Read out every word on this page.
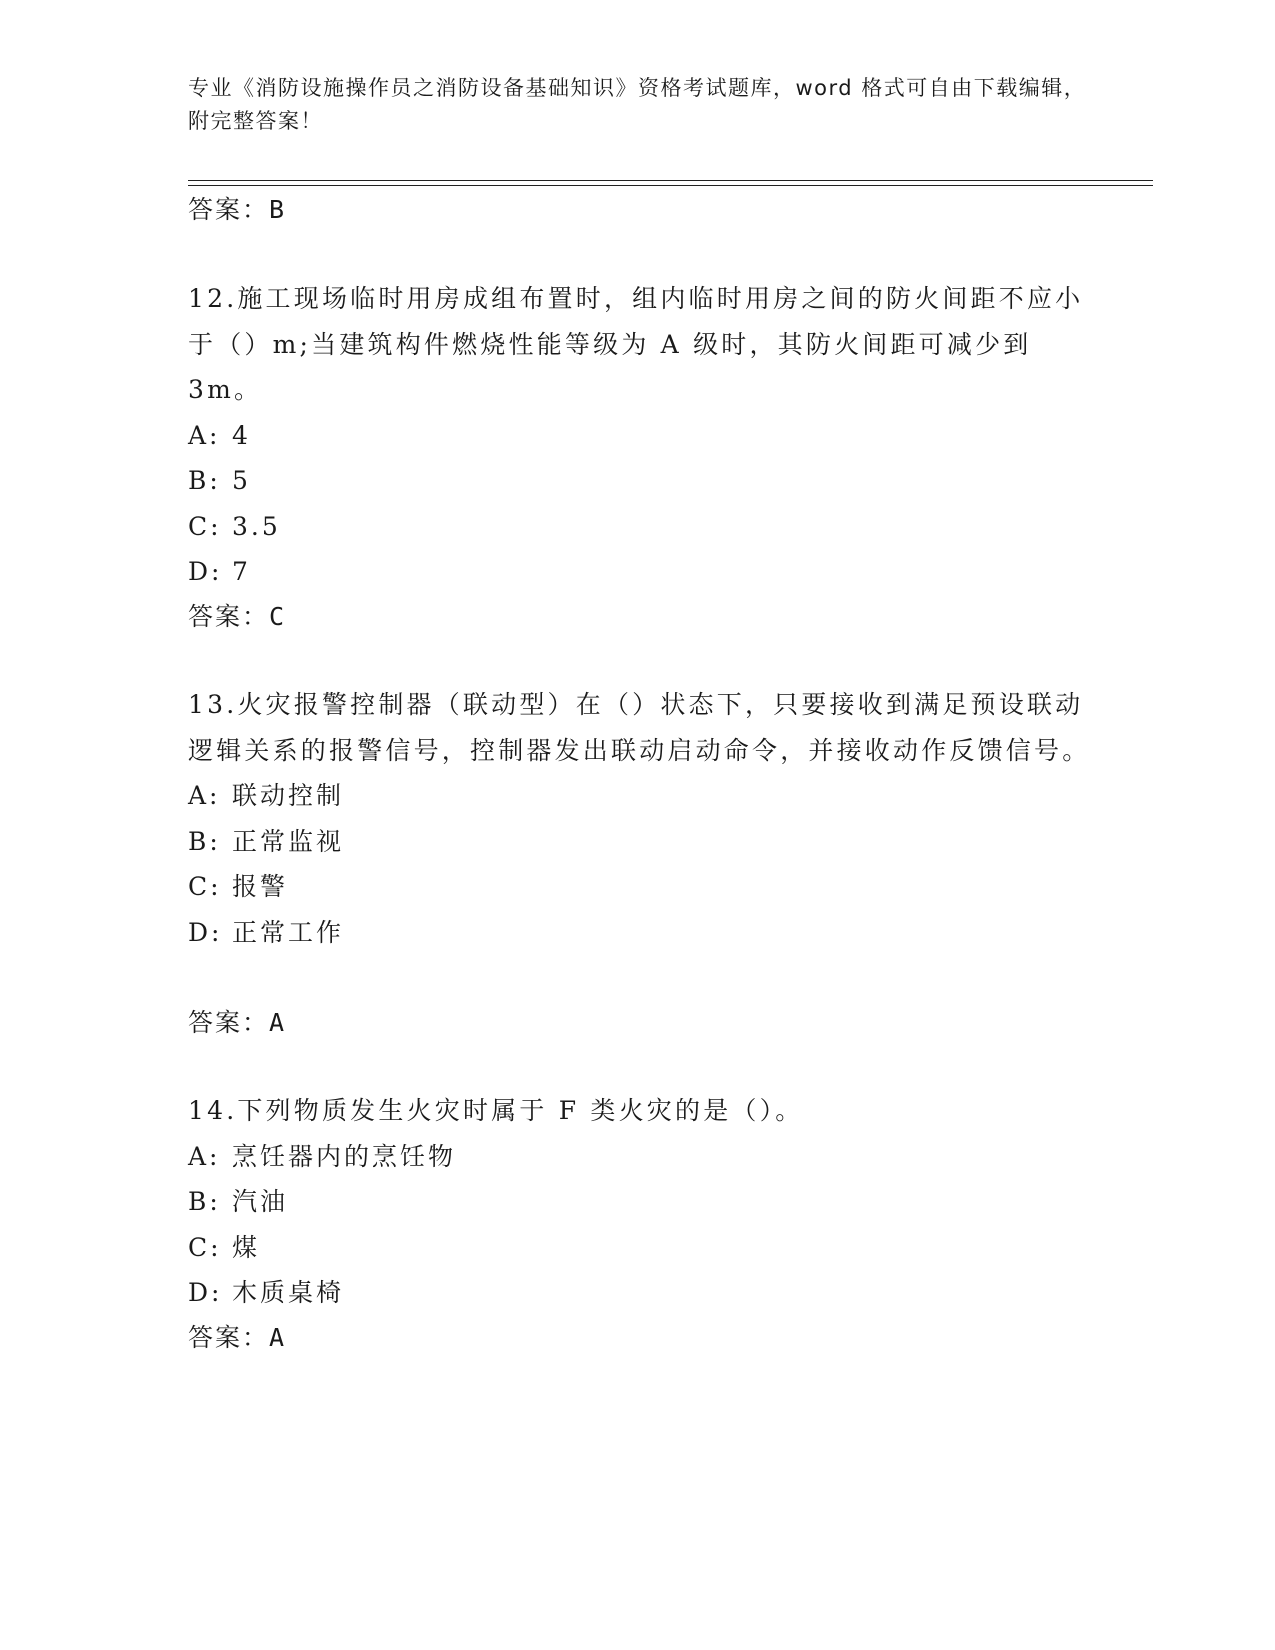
专业《消防设施操作员之消防设备基础知识》资格考试题库，word 格式可自由下载编辑，附完整答案！
答案：B
12.施工现场临时用房成组布置时，组内临时用房之间的防火间距不应小于（）m;当建筑构件燃烧性能等级为 A 级时，其防火间距可减少到3m。
A: 4
B: 5
C: 3.5
D: 7
答案：C
13.火灾报警控制器（联动型）在（）状态下，只要接收到满足预设联动逻辑关系的报警信号，控制器发出联动启动命令，并接收动作反馈信号。
A: 联动控制
B: 正常监视
C: 报警
D: 正常工作
答案：A
14.下列物质发生火灾时属于 F 类火灾的是（）。
A: 烹饪器内的烹饪物
B: 汽油
C: 煤
D: 木质桌椅
答案：A
